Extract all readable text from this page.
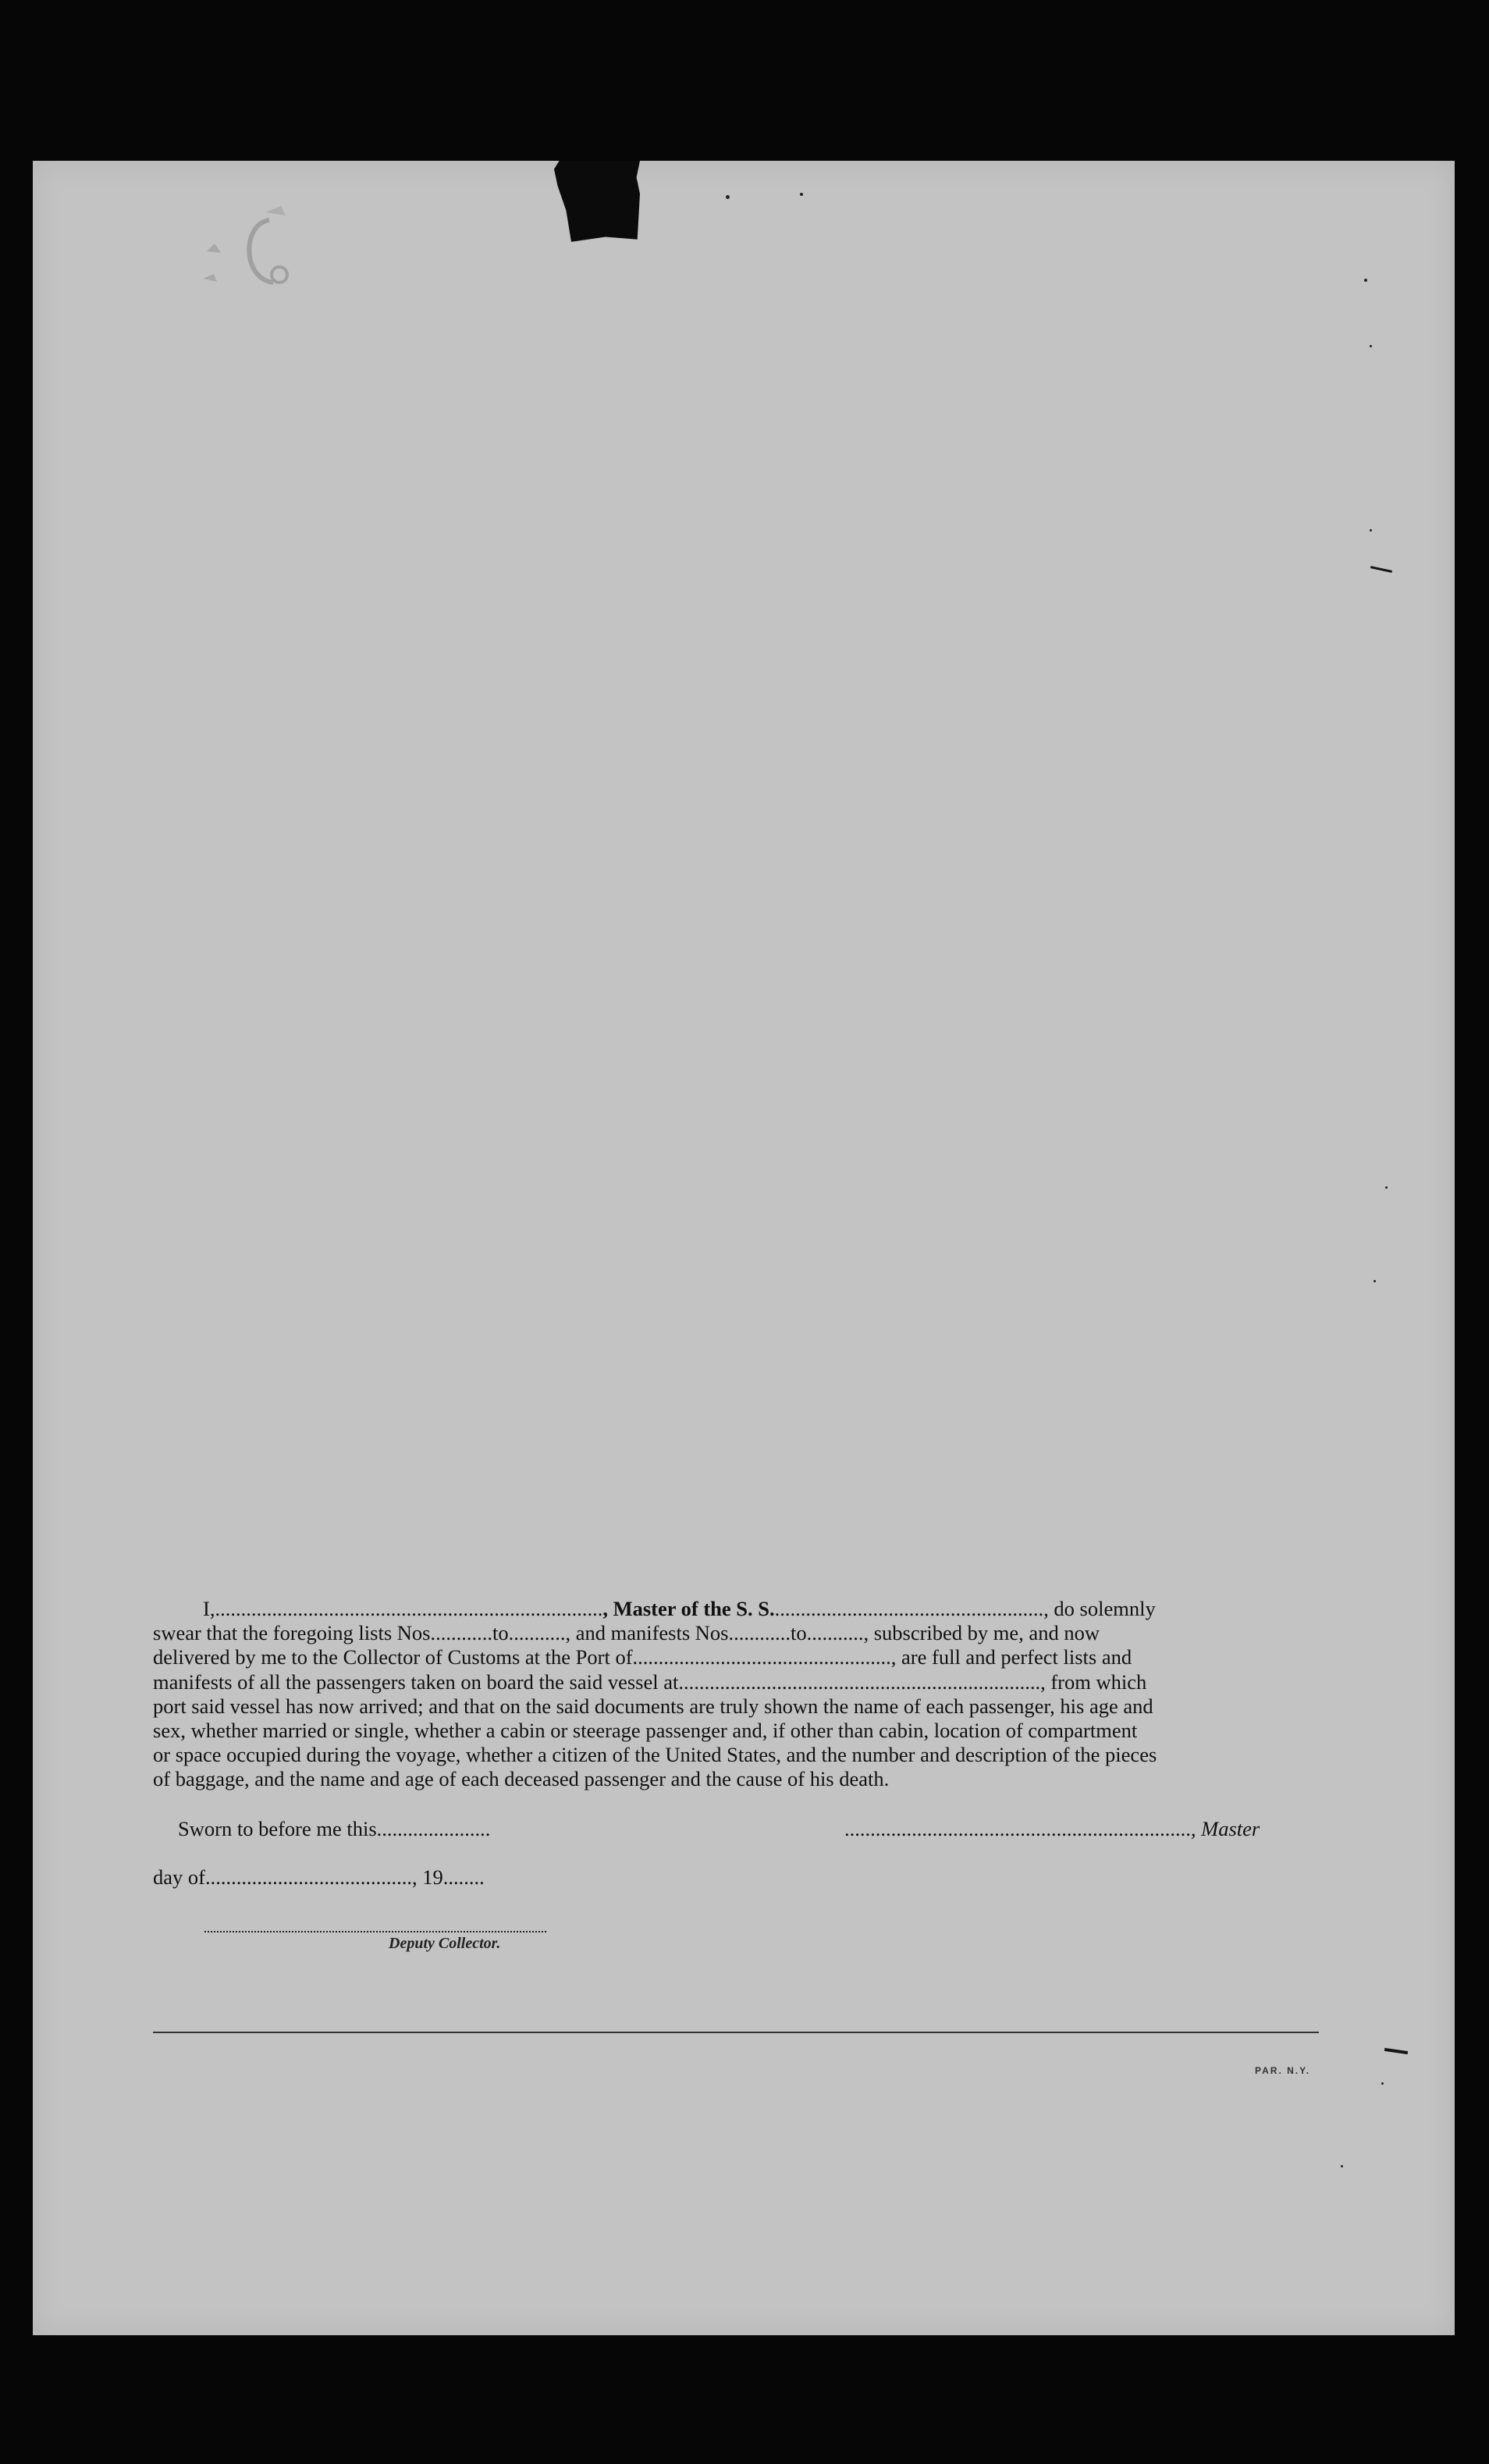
I,..........................................................................., Master of the S. S....................................................., do solemnly

swear that the foregoing lists Nos............to..........., and manifests Nos............to..........., subscribed by me, and now

delivered by me to the Collector of Customs at the Port of.................................................., are full and perfect lists and

manifests of all the passengers taken on board the said vessel at......................................................................, from which

port said vessel has now arrived; and that on the said documents are truly shown the name of each passenger, his age and

sex, whether married or single, whether a cabin or steerage passenger and, if other than cabin, location of compartment

or space occupied during the voyage, whether a citizen of the United States, and the number and description of the pieces

of baggage, and the name and age of each deceased passenger and the cause of his death.

Sworn to before me this......................	..................................................................., Master
day of........................................, 19........
Deputy Collector.
PAR. N.Y.
